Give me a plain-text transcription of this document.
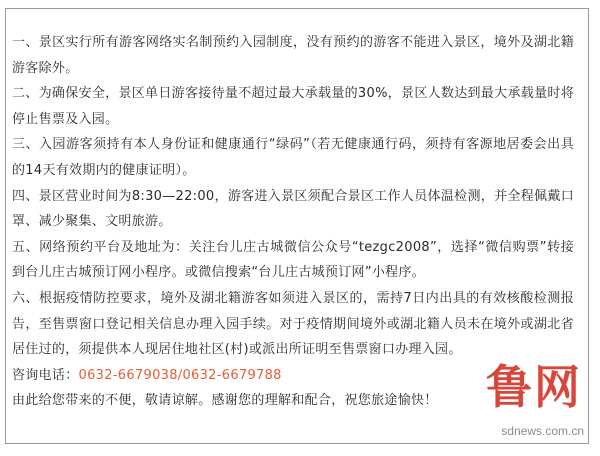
一、景区实行所有游客网络实名制预约入园制度，没有预约的游客不能进入景区，境外及湖北籍游客除外。

二、为确保安全，景区单日游客接待量不超过最大承载量的30%，景区人数达到最大承载量时将停止售票及入园。

三、入园游客须持有本人身份证和健康通行“绿码”（若无健康通行码，须持有客源地居委会出具的14天有效期内的健康证明）。

四、景区营业时间为8:30—22:00，游客进入景区须配合景区工作人员体温检测，并全程佩戴口罩、减少聚集、文明旅游。

五、网络预约平台及地址为：关注台儿庄古城微信公众号“tezgc2008”，选择“微信购票”转接到台儿庄古城预订网小程序。或微信搜索“台儿庄古城预订网”小程序。

六、根据疫情防控要求，境外及湖北籍游客如须进入景区的，需持7日内出具的有效核酸检测报告，至售票窗口登记相关信息办理入园手续。对于疫情期间境外或湖北籍人员未在境外或湖北省居住过的，须提供本人现居住地社区(村)或派出所证明至售票窗口办理入园。

咨询电话：0632-6679038/0632-6679788

由此给您带来的不便，敬请谅解。感谢您的理解和配合，祝您旅途愉快！	鲁网
sdnews.com.cn
